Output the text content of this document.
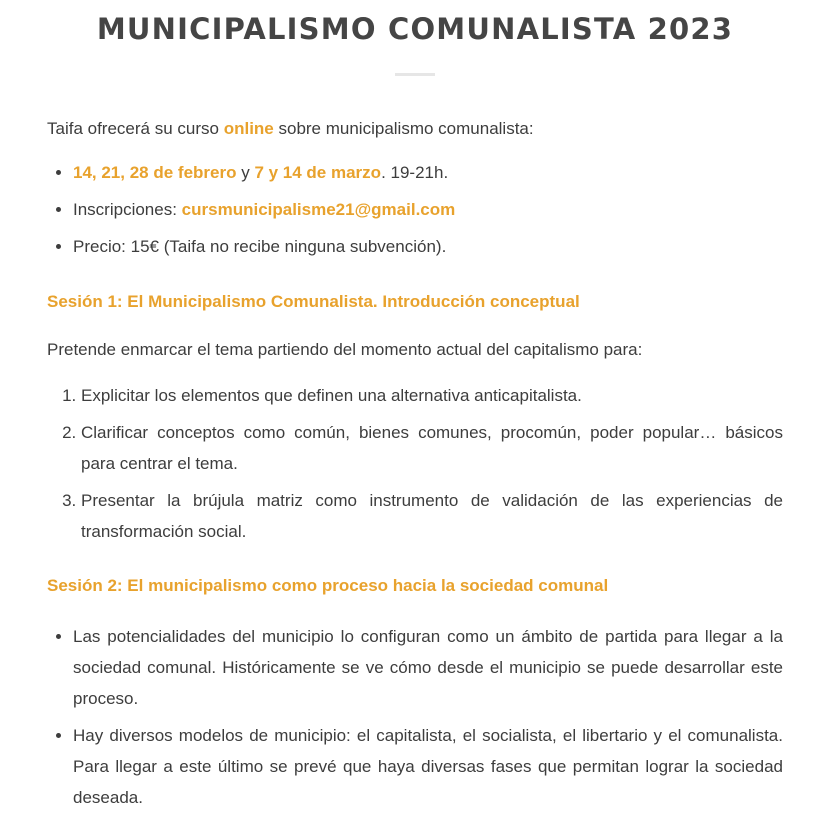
MUNICIPALISMO COMUNALISTA 2023

Taifa ofrecerá su curso online sobre municipalismo comunalista:

• 14, 21, 28 de febrero y 7 y 14 de marzo. 19-21h.
• Inscripciones: cursmunicipalisme21@gmail.com
• Precio: 15€ (Taifa no recibe ninguna subvención).
Sesión 1: El Municipalismo Comunalista. Introducción conceptual

Pretende enmarcar el tema partiendo del momento actual del capitalismo para:

1. Explicitar los elementos que definen una alternativa anticapitalista.
2. Clarificar conceptos como común, bienes comunes, procomún, poder popular… básicos para centrar el tema.
3. Presentar la brújula matriz como instrumento de validación de las experiencias de transformación social.
Sesión 2: El municipalismo como proceso hacia la sociedad comunal
• Las potencialidades del municipio lo configuran como un ámbito de partida para llegar a la sociedad comunal. Históricamente se ve cómo desde el municipio se puede desarrollar este proceso.
• Hay diversos modelos de municipio: el capitalista, el socialista, el libertario y el comunalista. Para llegar a este último se prevé que haya diversas fases que permitan lograr la sociedad deseada.
